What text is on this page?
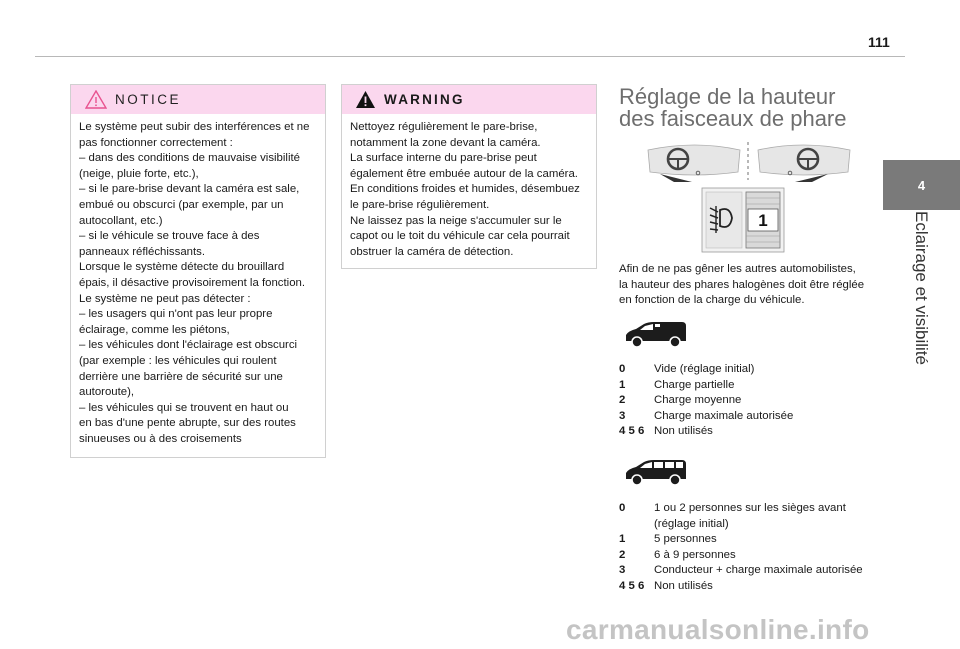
111
4
Eclairage et visibilité
NOTICE
Le système peut subir des interférences et ne
pas fonctionner correctement :
– dans des conditions de mauvaise visibilité
(neige, pluie forte, etc.),
– si le pare-brise devant la caméra est sale,
embué ou obscurci (par exemple, par un
autocollant, etc.)
– si le véhicule se trouve face à des
panneaux réfléchissants.
Lorsque le système détecte du brouillard
épais, il désactive provisoirement la fonction.
Le système ne peut pas détecter :
– les usagers qui n'ont pas leur propre
éclairage, comme les piétons,
– les véhicules dont l'éclairage est obscurci
(par exemple : les véhicules qui roulent
derrière une barrière de sécurité sur une
autoroute),
– les véhicules qui se trouvent en haut ou
en bas d'une pente abrupte, sur des routes
sinueuses ou à des croisements
WARNING
Nettoyez régulièrement le pare-brise,
notamment la zone devant la caméra.
La surface interne du pare-brise peut
également être embuée autour de la caméra.
En conditions froides et humides, désembuez
le pare-brise régulièrement.
Ne laissez pas la neige s'accumuler sur le
capot ou le toit du véhicule car cela pourrait
obstruer la caméra de détection.
Réglage de la hauteur
des faisceaux de phare
1
Afin de ne pas gêner les autres automobilistes,
la hauteur des phares halogènes doit être réglée
en fonction de la charge du véhicule.
0	Vide (réglage initial)
1	Charge partielle
2	Charge moyenne
3	Charge maximale autorisée
4 5 6 Non utilisés
0	1 ou 2 personnes sur les sièges avant
(réglage initial)
1	5 personnes
2	6 à 9 personnes
3	Conducteur + charge maximale autorisée
4 5 6 Non utilisés
carmanualsonline.info
